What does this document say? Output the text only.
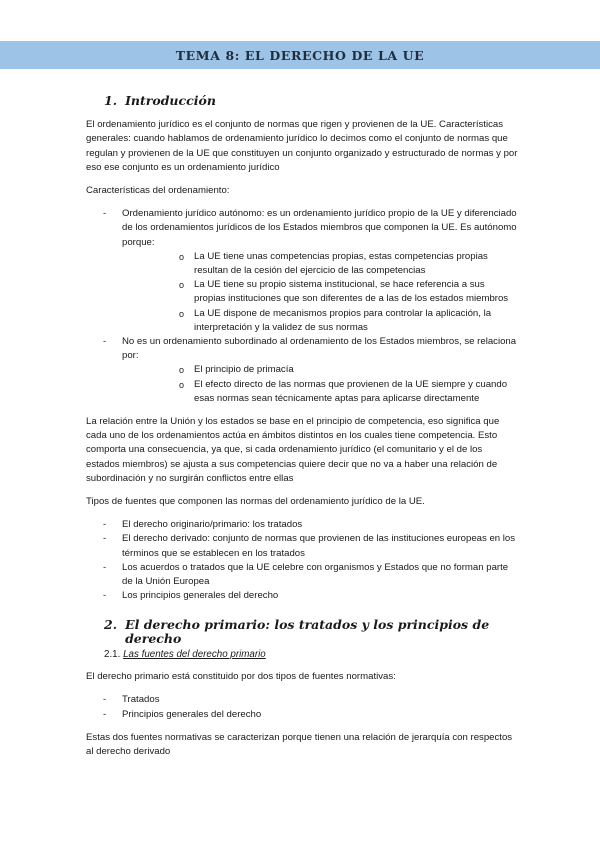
TEMA 8: EL DERECHO DE LA UE
1. Introducción

El ordenamiento jurídico es el conjunto de normas que rigen y provienen de la UE. Características generales: cuando hablamos de ordenamiento jurídico lo decimos como el conjunto de normas que regulan y provienen de la UE que constituyen un conjunto organizado y estructurado de normas y por eso ese conjunto es un ordenamiento jurídico

Características del ordenamiento:

- Ordenamiento jurídico autónomo: es un ordenamiento jurídico propio de la UE y diferenciado de los ordenamientos jurídicos de los Estados miembros que componen la UE. Es autónomo porque:
o La UE tiene unas competencias propias, estas competencias propias resultan de la cesión del ejercicio de las competencias
o La UE tiene su propio sistema institucional, se hace referencia a sus propias instituciones que son diferentes de a las de los estados miembros
o La UE dispone de mecanismos propios para controlar la aplicación, la interpretación y la validez de sus normas
- No es un ordenamiento subordinado al ordenamiento de los Estados miembros, se relaciona por:
o El principio de primacía
o El efecto directo de las normas que provienen de la UE siempre y cuando esas normas sean técnicamente aptas para aplicarse directamente

La relación entre la Unión y los estados se base en el principio de competencia, eso significa que cada uno de los ordenamientos actúa en ámbitos distintos en los cuales tiene competencia. Esto comporta una consecuencia, ya que, si cada ordenamiento jurídico (el comunitario y el de los estados miembros) se ajusta a sus competencias quiere decir que no va a haber una relación de subordinación y no surgirán conflictos entre ellas

Tipos de fuentes que componen las normas del ordenamiento jurídico de la UE.

- El derecho originario/primario: los tratados
- El derecho derivado: conjunto de normas que provienen de las instituciones europeas en los términos que se establecen en los tratados
- Los acuerdos o tratados que la UE celebre con organismos y Estados que no forman parte de la Unión Europea
- Los principios generales del derecho
2. El derecho primario: los tratados y los principios de derecho
2.1. Las fuentes del derecho primario

El derecho primario está constituido por dos tipos de fuentes normativas:

- Tratados
- Principios generales del derecho

Estas dos fuentes normativas se caracterizan porque tienen una relación de jerarquía con respectos al derecho derivado
